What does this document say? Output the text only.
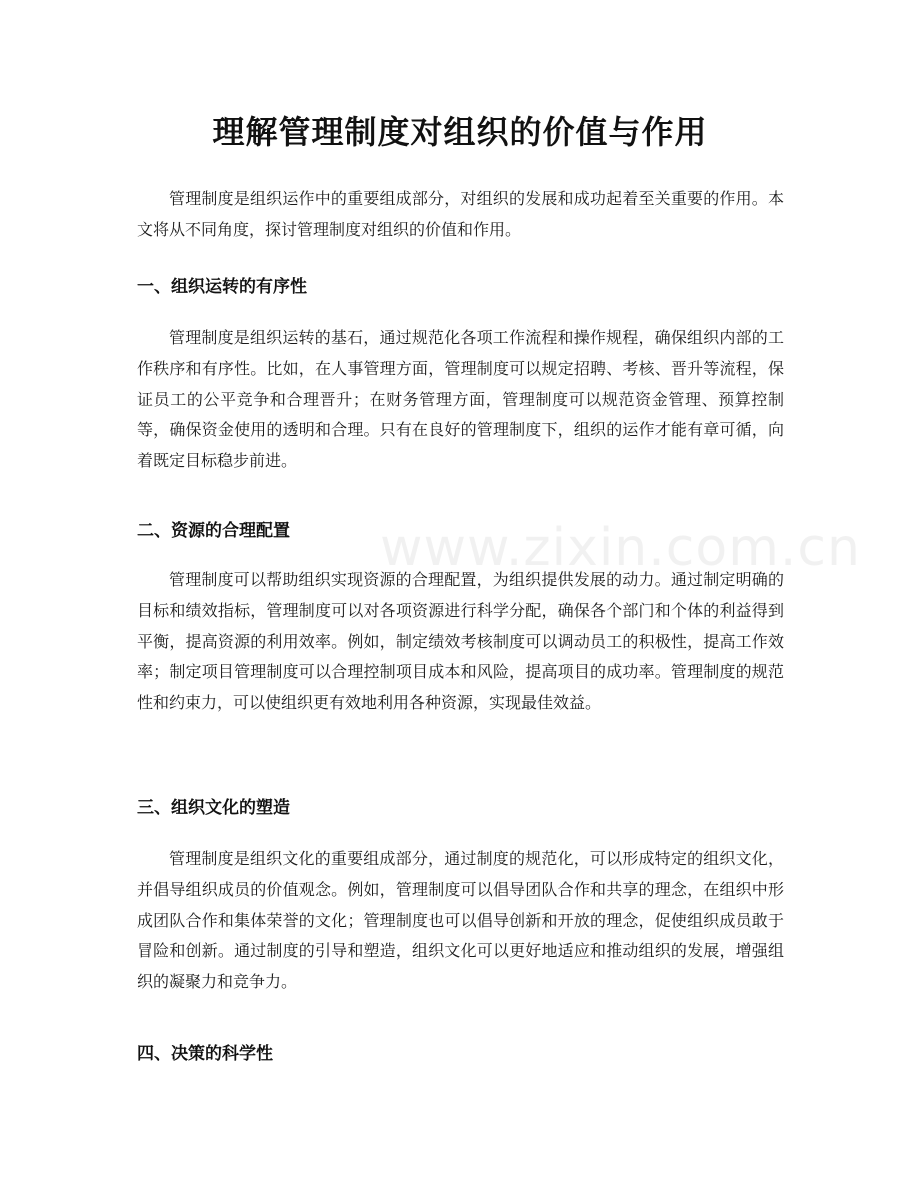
理解管理制度对组织的价值与作用

管理制度是组织运作中的重要组成部分，对组织的发展和成功起着至关重要的作用。本文将从不同角度，探讨管理制度对组织的价值和作用。

一、组织运转的有序性

管理制度是组织运转的基石，通过规范化各项工作流程和操作规程，确保组织内部的工作秩序和有序性。比如，在人事管理方面，管理制度可以规定招聘、考核、晋升等流程，保证员工的公平竞争和合理晋升；在财务管理方面，管理制度可以规范资金管理、预算控制等，确保资金使用的透明和合理。只有在良好的管理制度下，组织的运作才能有章可循，向着既定目标稳步前进。

二、资源的合理配置

管理制度可以帮助组织实现资源的合理配置，为组织提供发展的动力。通过制定明确的目标和绩效指标，管理制度可以对各项资源进行科学分配，确保各个部门和个体的利益得到平衡，提高资源的利用效率。例如，制定绩效考核制度可以调动员工的积极性，提高工作效率；制定项目管理制度可以合理控制项目成本和风险，提高项目的成功率。管理制度的规范性和约束力，可以使组织更有效地利用各种资源，实现最佳效益。

三、组织文化的塑造

管理制度是组织文化的重要组成部分，通过制度的规范化，可以形成特定的组织文化，并倡导组织成员的价值观念。例如，管理制度可以倡导团队合作和共享的理念，在组织中形成团队合作和集体荣誉的文化；管理制度也可以倡导创新和开放的理念，促使组织成员敢于冒险和创新。通过制度的引导和塑造，组织文化可以更好地适应和推动组织的发展，增强组织的凝聚力和竞争力。

四、决策的科学性
www.zixin.com.cn
